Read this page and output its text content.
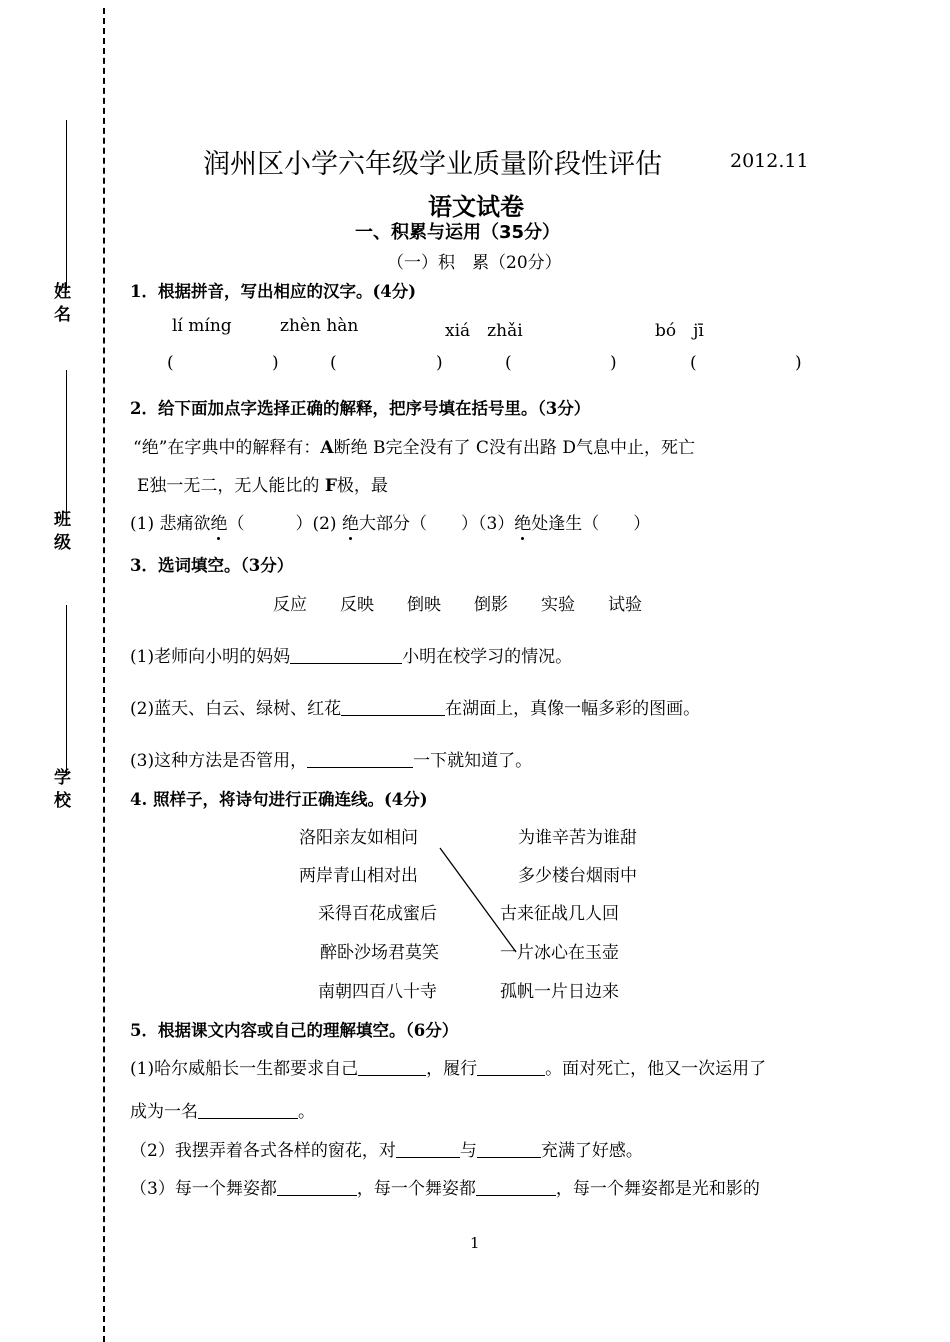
姓 名
班 级
学 校
润州区小学六年级学业质量阶段性评估	2012.11
语文试卷
一、积累与运用（35分）
（一）积　累（20分）
1．根据拼音，写出相应的汉字。(4分)
lí míng	zhèn hàn	xiá　zhǎi	bó　jī
(	)	(	)	(	)	(	)
2．给下面加点字选择正确的解释，把序号填在括号里。（3分）
“绝”在字典中的解释有：A断绝 B完全没有了 C没有出路 D气息中止，死亡
E独一无二，无人能比的 F极，最
(1) 悲痛欲绝（　　　）(2) 绝大部分（　　）（3）绝处逢生（　　）
3．选词填空。（3分）
反应 反映 倒映 倒影 实验 试验
(1)老师向小明的妈妈	小明在校学习的情况。
(2)蓝天、白云、绿树、红花	在湖面上，真像一幅多彩的图画。
(3)这种方法是否管用，	一下就知道了。
4. 照样子，将诗句进行正确连线。(4分)
洛阳亲友如相问
两岸青山相对出
采得百花成蜜后
醉卧沙场君莫笑
南朝四百八十寺
为谁辛苦为谁甜
多少楼台烟雨中
古来征战几人回
一片冰心在玉壶
孤帆一片日边来
5．根据课文内容或自己的理解填空。（6分）
(1)哈尔威船长一生都要求自己	，履行	。面对死亡，他又一次运用了
成为一名	。
（2）我摆弄着各式各样的窗花，对	与	充满了好感。
（3）每一个舞姿都	，每一个舞姿都	，每一个舞姿都是光和影的
1
